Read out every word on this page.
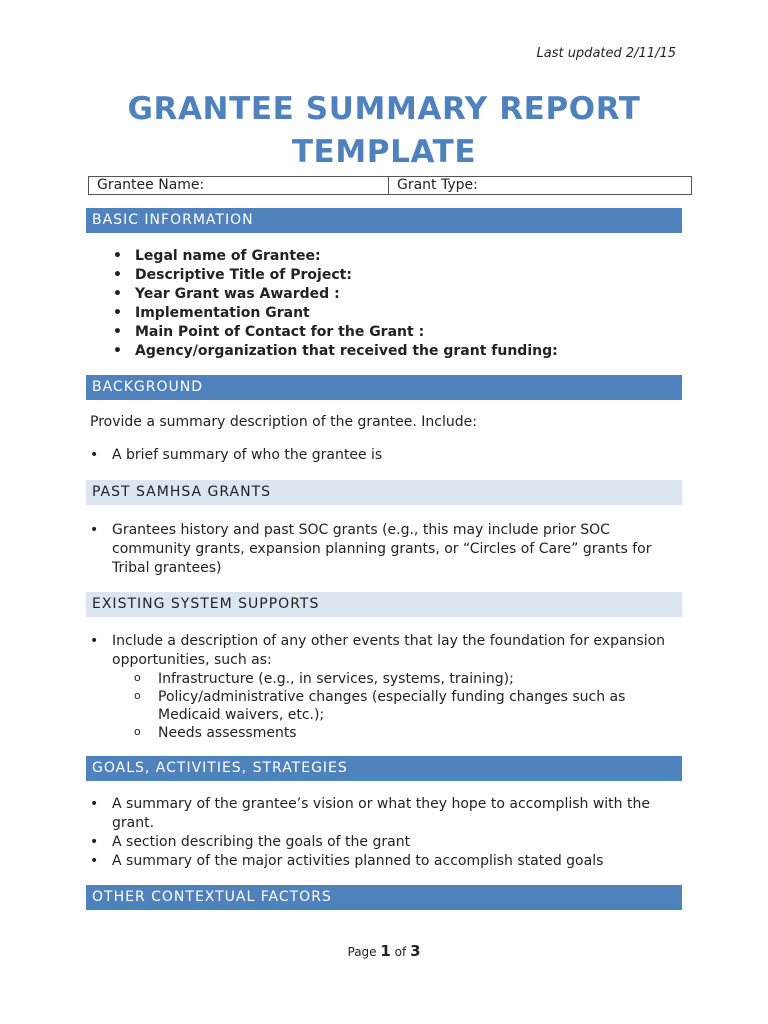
Last updated 2/11/15
GRANTEE SUMMARY REPORT
TEMPLATE
Grantee Name:	Grant Type:
BASIC INFORMATION
• Legal name of Grantee:
• Descriptive Title of Project:
• Year Grant was Awarded :
• Implementation Grant
• Main Point of Contact for the Grant :
• Agency/organization that received the grant funding:
BACKGROUND
Provide a summary description of the grantee. Include:
• A brief summary of who the grantee is
PAST SAMHSA GRANTS
• Grantees history and past SOC grants (e.g., this may include prior SOC
community grants, expansion planning grants, or “Circles of Care” grants for
Tribal grantees)
EXISTING SYSTEM SUPPORTS
• Include a description of any other events that lay the foundation for expansion
opportunities, such as:
o Infrastructure (e.g., in services, systems, training);
o Policy/administrative changes (especially funding changes such as
Medicaid waivers, etc.);
o Needs assessments
GOALS, ACTIVITIES, STRATEGIES
• A summary of the grantee’s vision or what they hope to accomplish with the
grant.
• A section describing the goals of the grant
• A summary of the major activities planned to accomplish stated goals
OTHER CONTEXTUAL FACTORS
Page 1 of 3
